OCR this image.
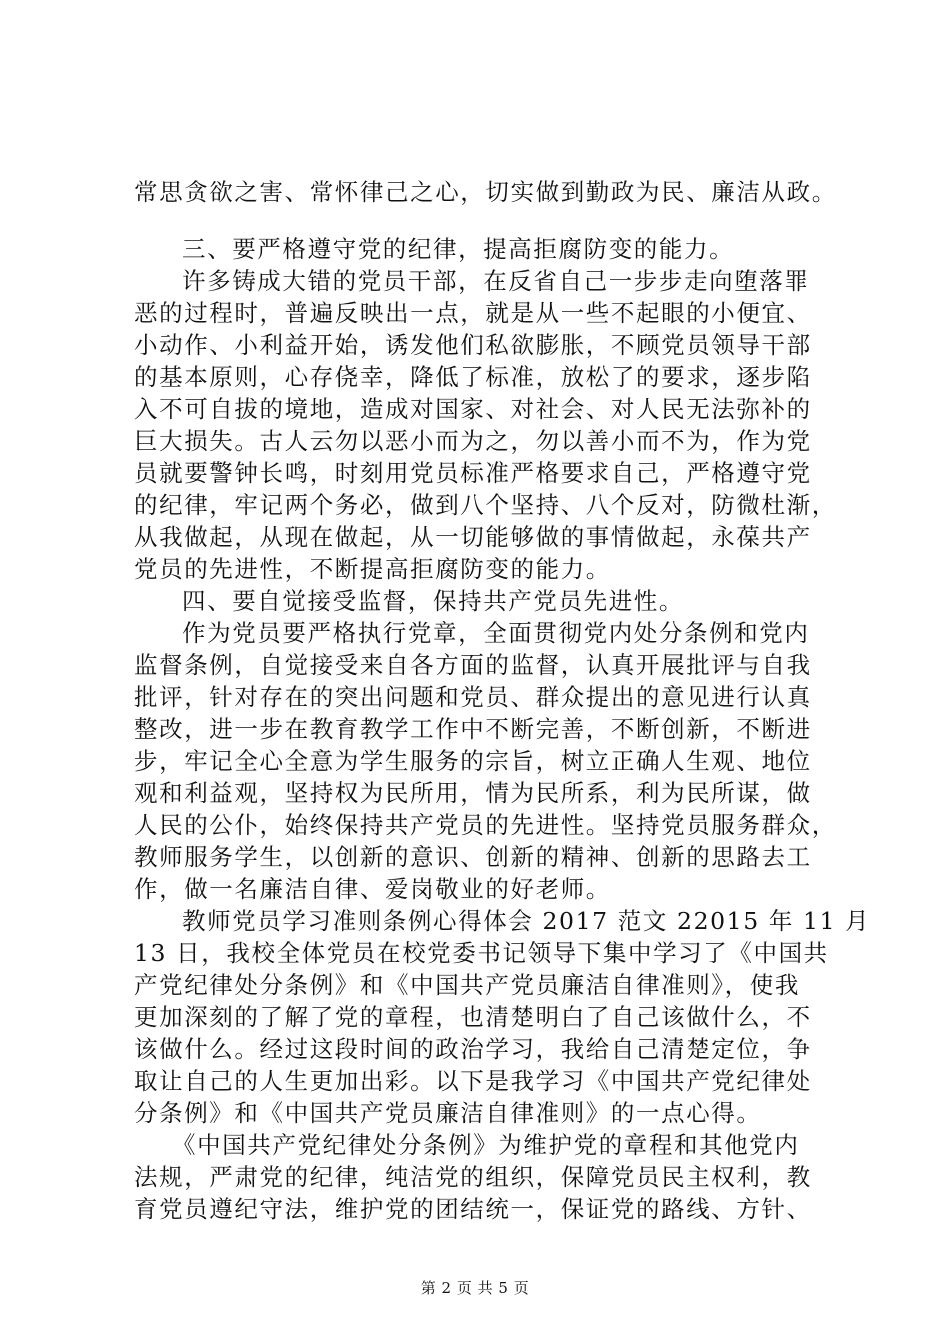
常思贪欲之害、常怀律己之心，切实做到勤政为民、廉洁从政。
三、要严格遵守党的纪律，提高拒腐防变的能力。
许多铸成大错的党员干部，在反省自己一步步走向堕落罪
恶的过程时，普遍反映出一点，就是从一些不起眼的小便宜、
小动作、小利益开始，诱发他们私欲膨胀，不顾党员领导干部
的基本原则，心存侥幸，降低了标准，放松了的要求，逐步陷
入不可自拔的境地，造成对国家、对社会、对人民无法弥补的
巨大损失。古人云勿以恶小而为之，勿以善小而不为，作为党
员就要警钟长鸣，时刻用党员标准严格要求自己，严格遵守党
的纪律，牢记两个务必，做到八个坚持、八个反对，防微杜渐，
从我做起，从现在做起，从一切能够做的事情做起，永葆共产
党员的先进性，不断提高拒腐防变的能力。
四、要自觉接受监督，保持共产党员先进性。
作为党员要严格执行党章，全面贯彻党内处分条例和党内
监督条例，自觉接受来自各方面的监督，认真开展批评与自我
批评，针对存在的突出问题和党员、群众提出的意见进行认真
整改，进一步在教育教学工作中不断完善，不断创新，不断进
步，牢记全心全意为学生服务的宗旨，树立正确人生观、地位
观和利益观，坚持权为民所用，情为民所系，利为民所谋，做
人民的公仆，始终保持共产党员的先进性。坚持党员服务群众，
教师服务学生，以创新的意识、创新的精神、创新的思路去工
作，做一名廉洁自律、爱岗敬业的好老师。
教师党员学习准则条例心得体会 2017 范文 22015 年 11 月
13 日，我校全体党员在校党委书记领导下集中学习了《中国共
产党纪律处分条例》和《中国共产党员廉洁自律准则》，使我
更加深刻的了解了党的章程，也清楚明白了自己该做什么，不
该做什么。经过这段时间的政治学习，我给自己清楚定位，争
取让自己的人生更加出彩。以下是我学习《中国共产党纪律处
分条例》和《中国共产党员廉洁自律准则》的一点心得。
《中国共产党纪律处分条例》为维护党的章程和其他党内
法规，严肃党的纪律，纯洁党的组织，保障党员民主权利，教
育党员遵纪守法，维护党的团结统一，保证党的路线、方针、
第 2 页 共 5 页
